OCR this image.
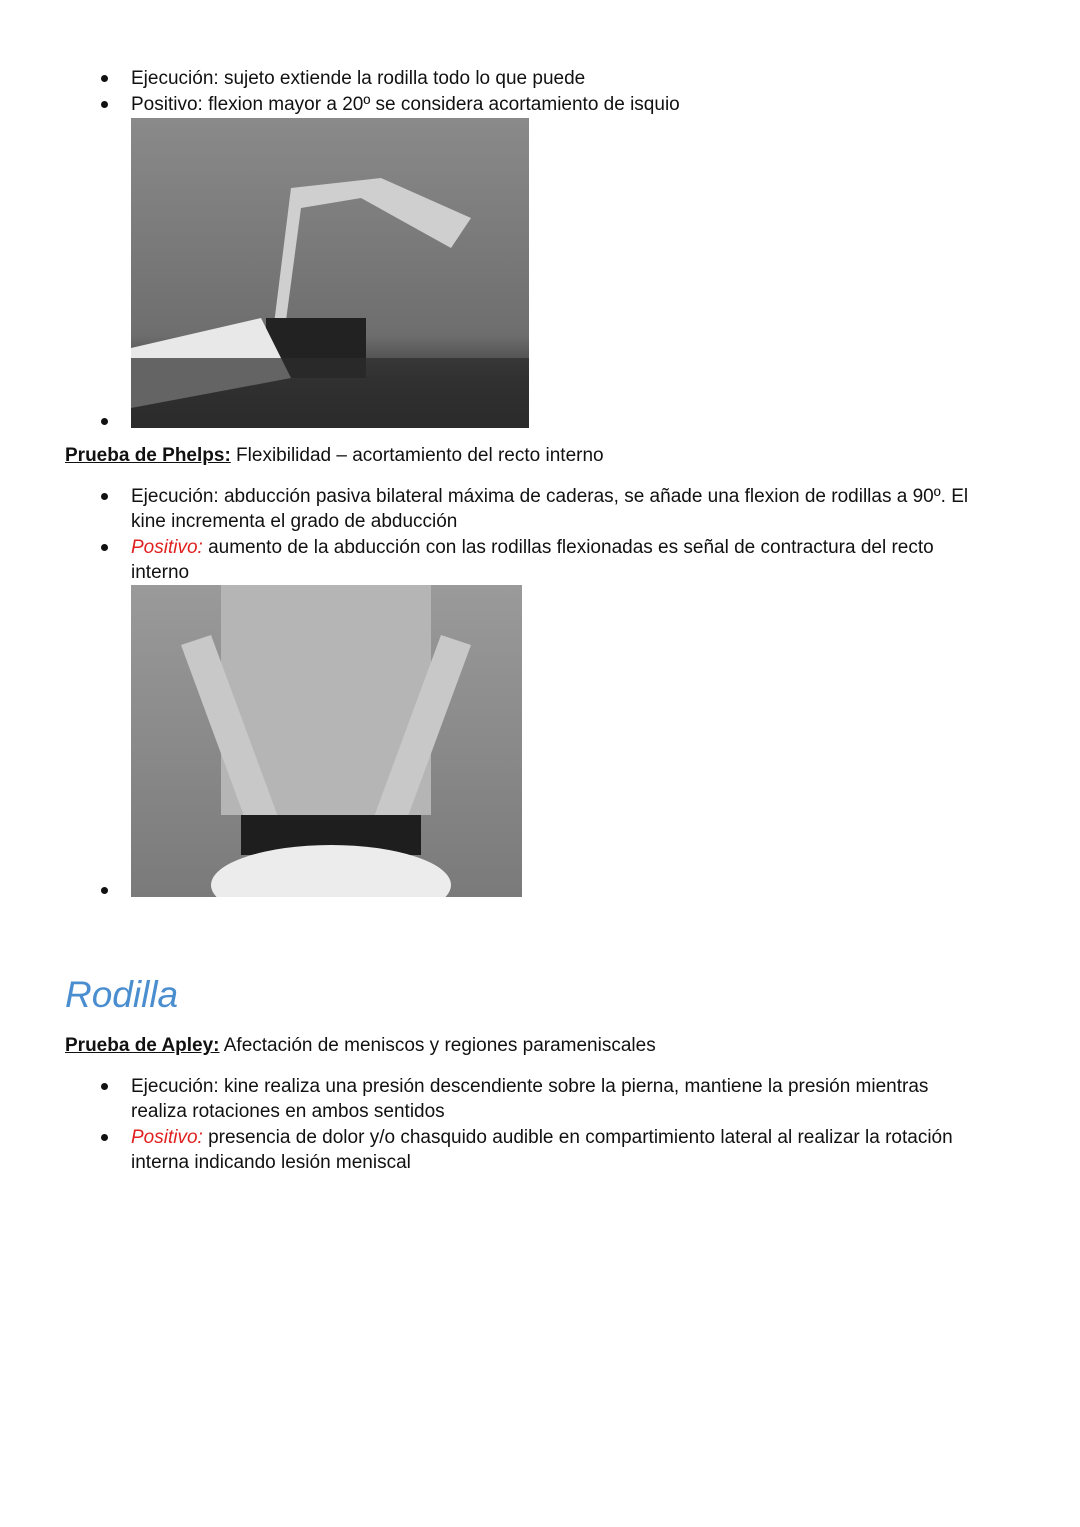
Ejecución: sujeto extiende la rodilla todo lo que puede
Positivo: flexion mayor a 20º se considera acortamiento de isquio
Prueba de Phelps: Flexibilidad – acortamiento del recto interno
Ejecución: abducción pasiva bilateral máxima de caderas, se añade una flexion de rodillas a 90º. El
kine incrementa el grado de abducción
Positivo: aumento de la abducción con las rodillas flexionadas es señal de contractura del recto
interno
Rodilla
Prueba de Apley: Afectación de meniscos y regiones parameniscales
Ejecución: kine realiza una presión descendiente sobre la pierna, mantiene la presión mientras
realiza rotaciones en ambos sentidos
Positivo: presencia de dolor y/o chasquido audible en compartimiento lateral al realizar la rotación
interna indicando lesión meniscal
